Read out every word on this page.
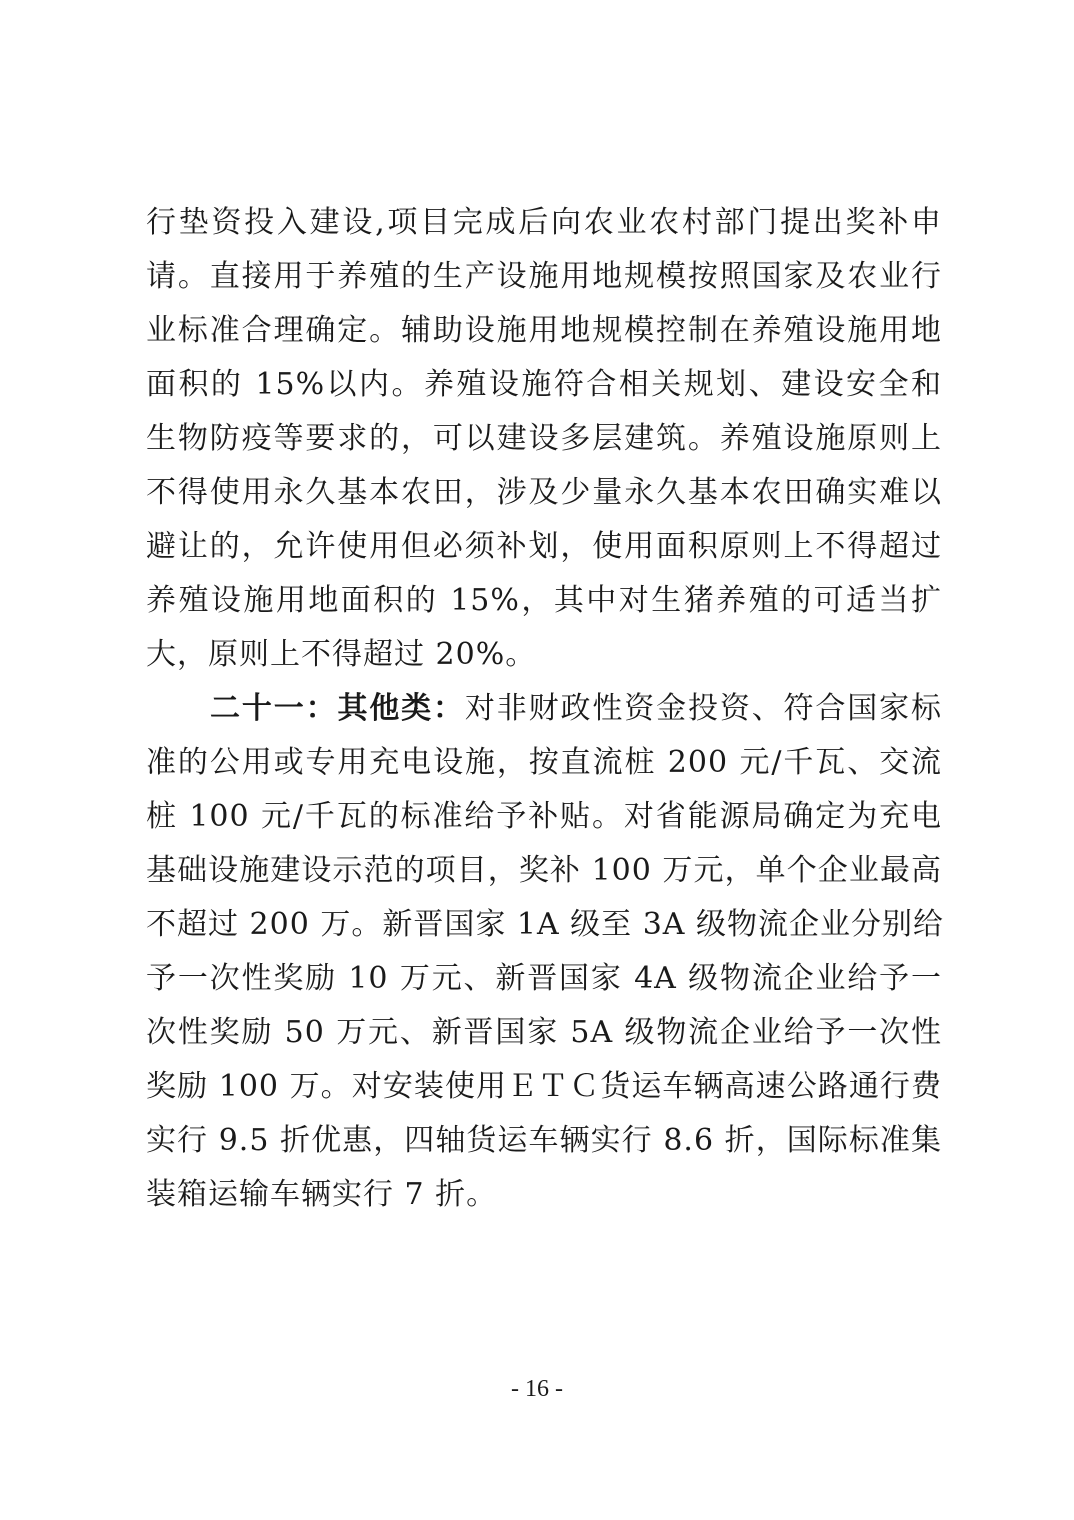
行垫资投入建设,项目完成后向农业农村部门提出奖补申
请。直接用于养殖的生产设施用地规模按照国家及农业行
业标准合理确定。辅助设施用地规模控制在养殖设施用地
面积的 15%以内。养殖设施符合相关规划、建设安全和
生物防疫等要求的，可以建设多层建筑。养殖设施原则上
不得使用永久基本农田，涉及少量永久基本农田确实难以
避让的，允许使用但必须补划，使用面积原则上不得超过
养殖设施用地面积的 15%，其中对生猪养殖的可适当扩
大，原则上不得超过 20%。
二十一：其他类：对非财政性资金投资、符合国家标
准的公用或专用充电设施，按直流桩 200 元/千瓦、交流
桩 100 元/千瓦的标准给予补贴。对省能源局确定为充电
基础设施建设示范的项目，奖补 100 万元，单个企业最高
不超过 200 万。新晋国家 1A 级至 3A 级物流企业分别给
予一次性奖励 10 万元、新晋国家 4A 级物流企业给予一
次性奖励 50 万元、新晋国家 5A 级物流企业给予一次性
奖励 100 万。对安装使用ＥＴＣ货运车辆高速公路通行费
实行 9.5 折优惠，四轴货运车辆实行 8.6 折，国际标准集
装箱运输车辆实行 7 折。
- 16 -
